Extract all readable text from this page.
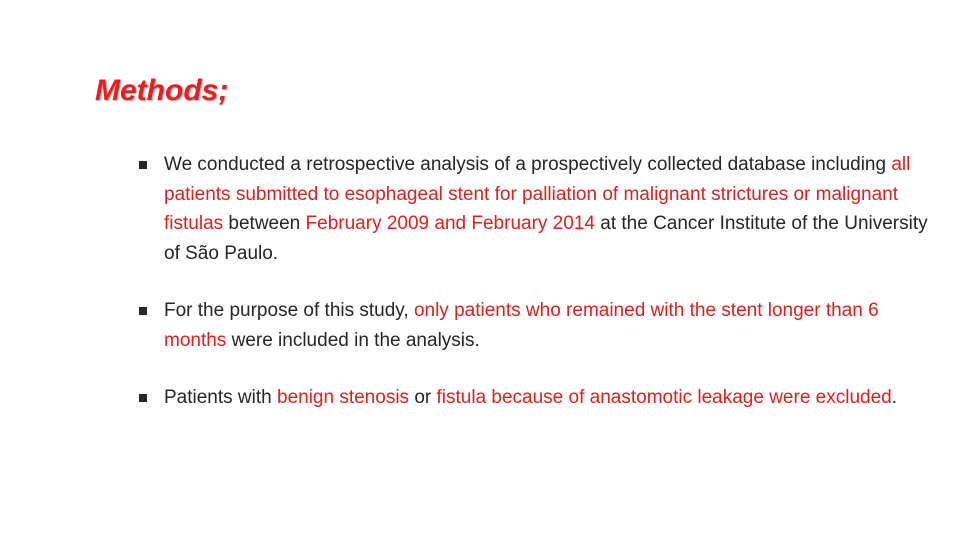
Methods;
We conducted a retrospective analysis of a prospectively collected database including all patients submitted to esophageal stent for palliation of malignant strictures or malignant fistulas between February 2009 and February 2014 at the Cancer Institute of the University of São Paulo.
For the purpose of this study, only patients who remained with the stent longer than 6 months were included in the analysis.
Patients with benign stenosis or fistula because of anastomotic leakage were excluded.
